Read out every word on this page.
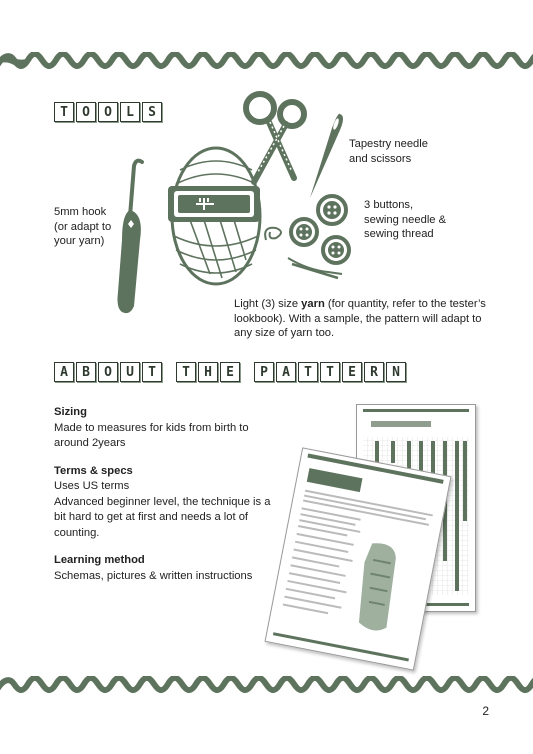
T	O	O	L	S
5mm hook
(or adapt to
your yarn)
Tapestry needle
and scissors
3 buttons,
sewing needle &
sewing thread
Light (3) size yarn (for quantity, refer to the tester’s lookbook). With a sample, the pattern will adapt to any size of yarn too.
A	B	O	U	T	T	H	E	P	A	T	T	E	R	N
Sizing
Made to measures for kids from birth to around 2years
Terms & specs
Uses US terms
Advanced beginner level, the technique is a bit hard to get at first and needs a lot of counting.
Learning method
Schemas, pictures & written instructions
2
